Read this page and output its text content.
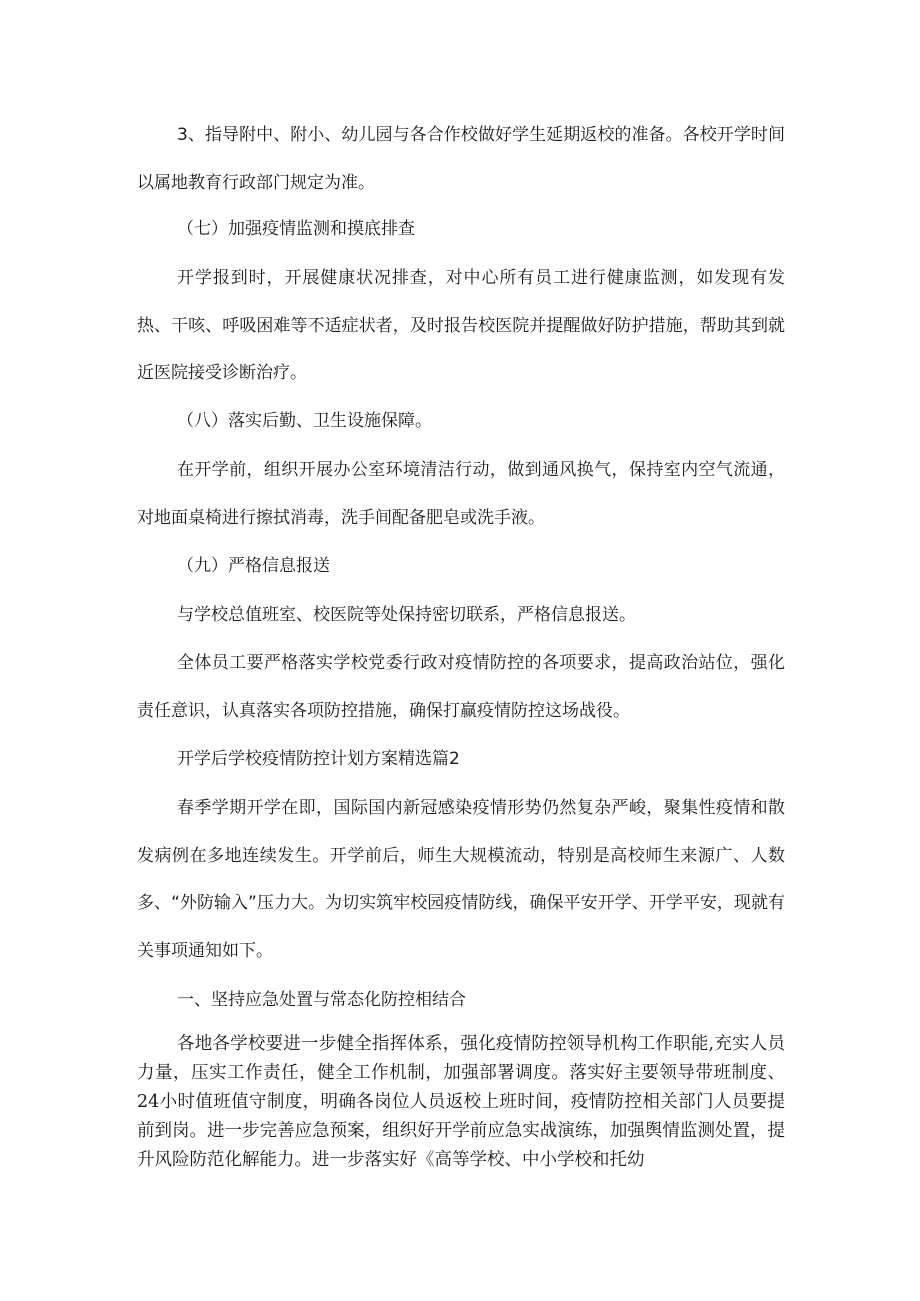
3、指导附中、附小、幼儿园与各合作校做好学生延期返校的准备。各校开学时间以属地教育行政部门规定为准。

（七）加强疫情监测和摸底排查

开学报到时，开展健康状况排查，对中心所有员工进行健康监测，如发现有发热、干咳、呼吸困难等不适症状者，及时报告校医院并提醒做好防护措施，帮助其到就近医院接受诊断治疗。

（八）落实后勤、卫生设施保障。

在开学前，组织开展办公室环境清洁行动，做到通风换气，保持室内空气流通，对地面桌椅进行擦拭消毒，洗手间配备肥皂或洗手液。

（九）严格信息报送

与学校总值班室、校医院等处保持密切联系，严格信息报送。

全体员工要严格落实学校党委行政对疫情防控的各项要求，提高政治站位，强化责任意识，认真落实各项防控措施，确保打赢疫情防控这场战役。

开学后学校疫情防控计划方案精选篇2

春季学期开学在即，国际国内新冠感染疫情形势仍然复杂严峻，聚集性疫情和散发病例在多地连续发生。开学前后，师生大规模流动，特别是高校师生来源广、人数多、“外防输入”压力大。为切实筑牢校园疫情防线，确保平安开学、开学平安，现就有关事项通知如下。

一、坚持应急处置与常态化防控相结合

各地各学校要进一步健全指挥体系，强化疫情防控领导机构工作职能,充实人员力量，压实工作责任，健全工作机制，加强部署调度。落实好主要领导带班制度、24小时值班值守制度，明确各岗位人员返校上班时间，疫情防控相关部门人员要提前到岗。进一步完善应急预案，组织好开学前应急实战演练，加强舆情监测处置，提升风险防范化解能力。进一步落实好《高等学校、中小学校和托幼
